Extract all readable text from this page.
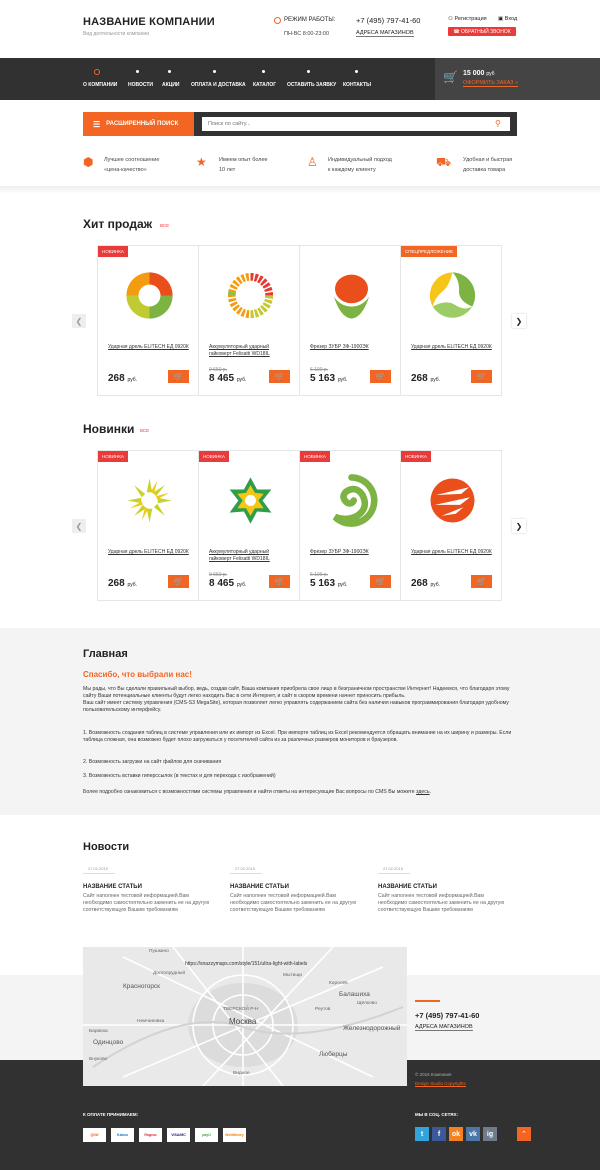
НАЗВАНИЕ КОМПАНИИ
Вид деятельности компании
РЕЖИМ РАБОТЫ:
ПН-ВС 8:00-23:00
+7 (495) 797-41-60
АДРЕСА МАГАЗИНОВ
⚇ Регистрация ▣ Вход
☎ ОБРАТНЫЙ ЗВОНОК
О КОМПАНИИ НОВОСТИ АКЦИИ ОПЛАТА И ДОСТАВКА КАТАЛОГ ОСТАВИТЬ ЗАЯВКУ КОНТАКТЫ
🛒 15 000 руб
ОФОРМИТЬ ЗАКАЗ »
☰ РАСШИРЕННЫЙ ПОИСК
Поиск по сайту...	⚲
⬢ Лучшее соотношение
«цена-качество»
★ Имеем опыт более
10 лет
♙ Индивидуальный подход
к каждому клиенту
⛟ Удобная и быстрая
доставка товара
Хит продаж ВСЕ
❮	❯
НОВИНКА
Ударная дрель ELITECH ЕД 0920К
268 руб.	🛒
Аккумуляторный ударный гайковерт Felisatti WD18IL
9 650 р.
8 465 руб.	🛒
Фрезер ЗУБР ЗФ-1900ЭК
6 190 р.
5 163 руб.	🛒
СПЕЦПРЕДЛОЖЕНИЕ
Ударная дрель ELITECH ЕД 0920К
268 руб.	🛒
Новинки ВСЕ
❮	❯
НОВИНКА
Ударная дрель ELITECH ЕД 0920К
268 руб.	🛒
НОВИНКА
Аккумуляторный ударный гайковерт Felisatti WD18IL
9 650 р.
8 465 руб.	🛒
НОВИНКА
Фрезер ЗУБР ЗФ-1900ЭК
6 190 р.
5 163 руб.	🛒
НОВИНКА
Ударная дрель ELITECH ЕД 0920К
268 руб.	🛒
Главная
Спасибо, что выбрали нас!
Мы рады, что Вы сделали правильный выбор, ведь, создав сайт, Ваша компания приобрела свое лицо в безграничном пространстве Интернет! Надеемся, что благодаря этому сайту Ваши потенциальные клиенты будут легко находить Вас в сети Интернет, и сайт в скором времени начнет приносить прибыль.
Ваш сайт имеет систему управления (CMS-S3 MegaSite), которая позволяет легко управлять содержанием сайта без наличия навыков программирования благодаря удобному пользовательскому интерфейсу.
1. Возможность создания таблиц в системе управления или их импорт из Excel. При импорте таблиц из Excel рекомендуется обращать внимание на их ширину и размеры. Если таблица сложная, она возможно будет плохо загружаться у посетителей сайта из за различных размеров мониторов и браузеров.
2. Возможность загрузки на сайт файлов для скачивания
3. Возможность вставки гиперссылок (в текстах и для перехода с изображений)
Более подробно ознакомиться с возможностями системы управления и найти ответы на интересующие Вас вопросы по CMS Вы можете здесь.
Новости
27.02.2015
НАЗВАНИЕ СТАТЬИ
Сайт наполнен тестовой информацией.Вам необходимо самостоятельно заменить ее на другую соответствующую Вашим требованиям
27.02.2015
НАЗВАНИЕ СТАТЬИ
Сайт наполнен тестовой информацией.Вам необходимо самостоятельно заменить ее на другую соответствующую Вашим требованиям
27.02.2015
НАЗВАНИЕ СТАТЬИ
Сайт наполнен тестовой информацией.Вам необходимо самостоятельно заменить ее на другую соответствующую Вашим требованиям
https://snazzymaps.com/style/151/ultra-light-with-labels
Пушкино
Долгопрудный	Мытищи
Королёв
Красногорск
Щёлково
Балашиха
ТВЕРСКОЙ Р-Н
Москва
Реутов
Барвиха
Немчиновка
Железнодорожный
Одинцово
Люберцы
Внуково
Видное
+7 (495) 797-41-60
АДРЕСА МАГАЗИНОВ
© 2016 Компания
Design Studio Copyrights
К ОПЛАТЕ ПРИНИМАЕМ:
QIWI	Kaboo	Яндекс	VISA/MC	payU	WebMoney
МЫ В СОЦ. СЕТЯХ:
t	f	ok	vk	ig	⌃
